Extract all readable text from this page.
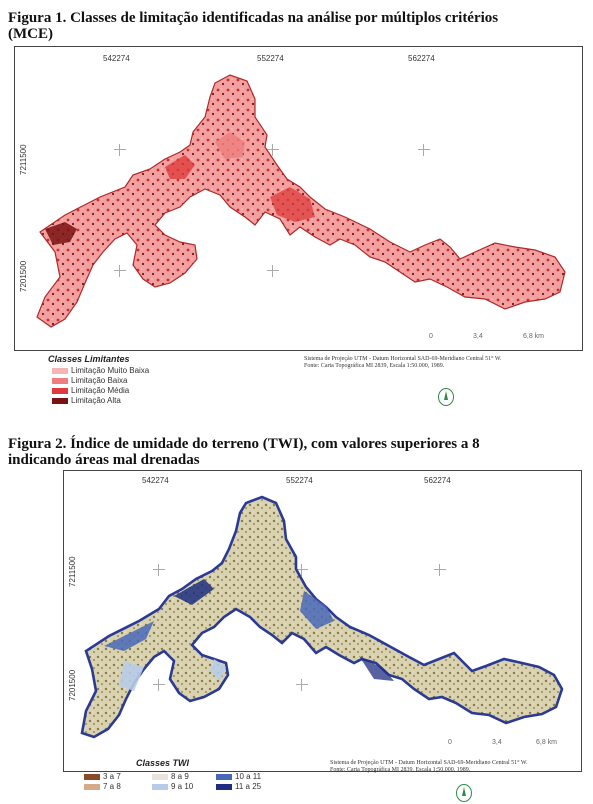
Figura 1. Classes de limitação identificadas na análise por múltiplos critérios
(MCE)
542274	552274	562274
7211500
7201500
0	3,4	6,8 km
Classes Limitantes
Limitação Muito Baixa
Limitação Baixa
Limitação Média
Limitação Alta
Sistema de Projeção UTM - Datum Horizontal SAD-69-Meridiano Central 51° W.
Fonte: Carta Topográfica MI 2839, Escala 1:50.000, 1989.
Figura 2. Índice de umidade do terreno (TWI), com valores superiores a 8
indicando áreas mal drenadas
542274	552274	562274
7211500
7201500
0	3,4	6,8 km
Classes TWI
3 a 7
7 a 8
8 a 9
9 a 10
10 a 11
11 a 25
Sistema de Projeção UTM - Datum Horizontal SAD-69-Meridiano Central 51° W.
Fonte: Carta Topográfica MI 2839, Escala 1:50.000, 1989.
